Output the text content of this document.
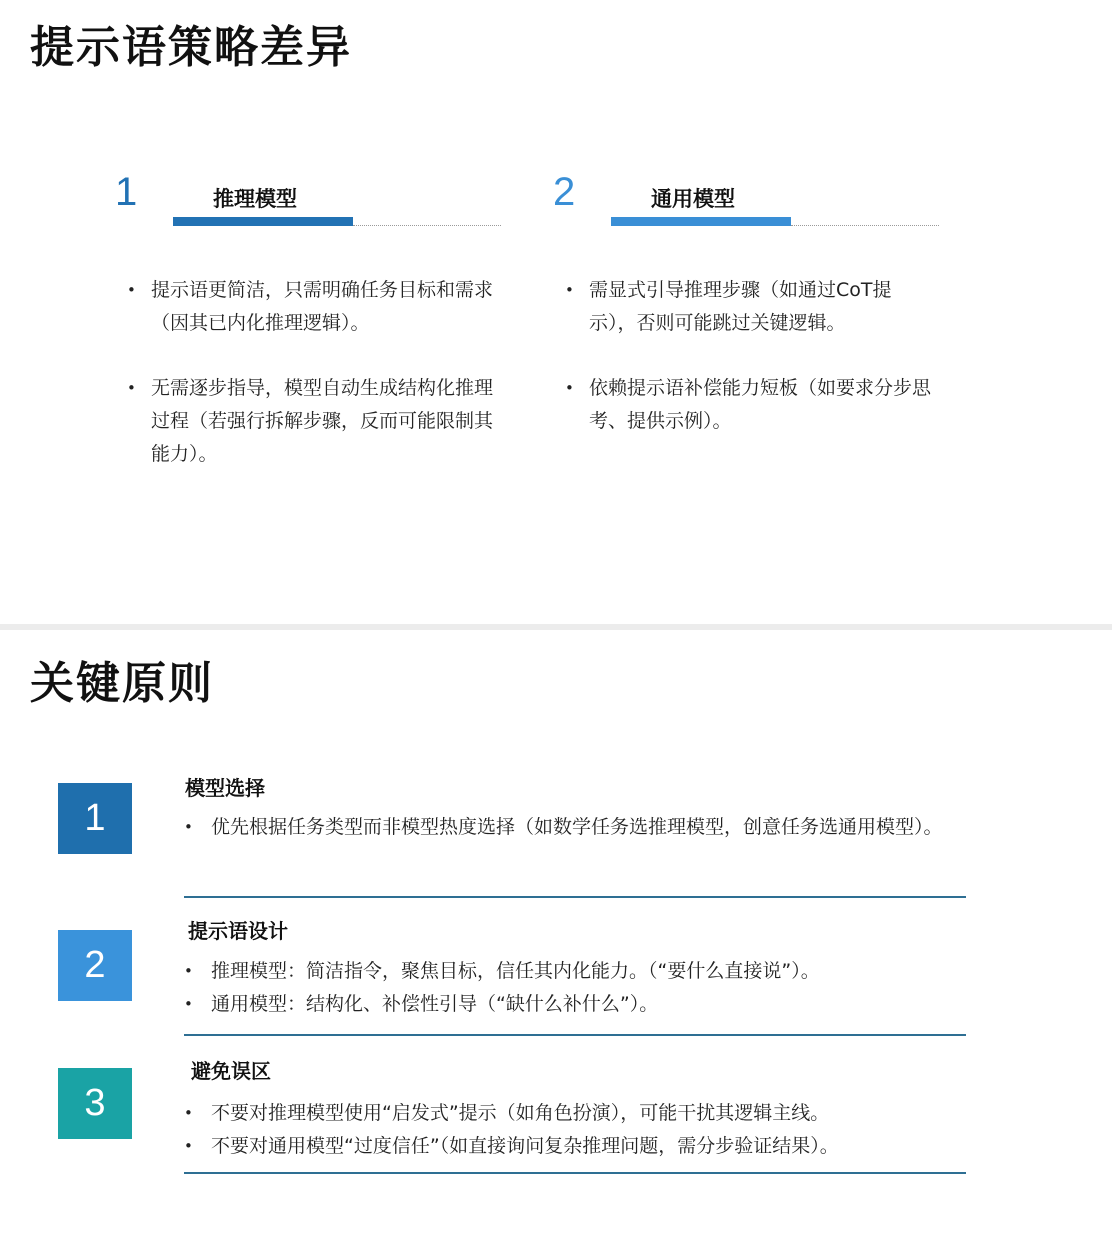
提示语策略差异
1	推理模型
• 提示语更简洁，只需明确任务目标和需求（因其已内化推理逻辑）。
• 无需逐步指导，模型自动生成结构化推理过程（若强行拆解步骤，反而可能限制其能力）。
2	通用模型
• 需显式引导推理步骤（如通过CoT提示），否则可能跳过关键逻辑。
• 依赖提示语补偿能力短板（如要求分步思考、提供示例）。
关键原则
1
模型选择
• 优先根据任务类型而非模型热度选择（如数学任务选推理模型，创意任务选通用模型）。
2
提示语设计
• 推理模型：简洁指令，聚焦目标，信任其内化能力。（“要什么直接说”）。
• 通用模型：结构化、补偿性引导（“缺什么补什么”）。
3
避免误区
• 不要对推理模型使用“启发式”提示（如角色扮演），可能干扰其逻辑主线。
• 不要对通用模型“过度信任”（如直接询问复杂推理问题，需分步验证结果）。
